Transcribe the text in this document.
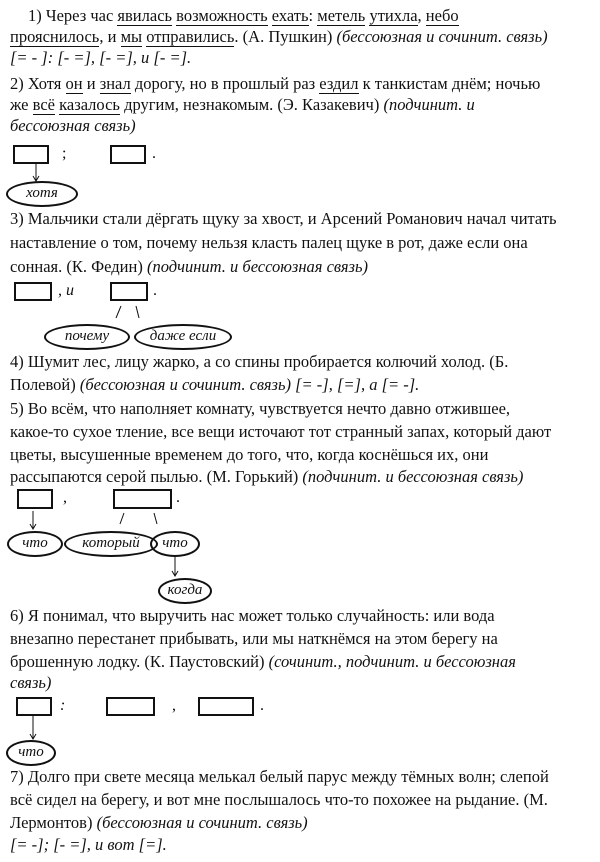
1) Через час явилась возможность ехать: метель утихла, небо
прояснилось, и мы отправились. (А. Пушкин) (бессоюзная и сочинит. связь)
[= - ]: [- =], [- =], и [- =].
2) Хотя он и знал дорогу, но в прошлый раз ездил к танкистам днём; ночью
же всё казалось другим, незнакомым. (Э. Казакевич) (подчинит. и
бессоюзная связь)
;	.
хотя
3) Мальчики стали дёргать щуку за хвост, и Арсений Романович начал читать
наставление о том, почему нельзя класть палец щуке в рот, даже если она
сонная. (К. Федин) (подчинит. и бессоюзная связь)
, и	.
почему	даже если
4) Шумит лес, лицу жарко, а со спины пробирается колючий холод. (Б.
Полевой) (бессоюзная и сочинит. связь) [= -], [=], а [= -].
5) Во всём, что наполняет комнату, чувствуется нечто давно отжившее,
какое-то сухое тление, все вещи источают тот странный запах, который дают
цветы, высушенные временем до того, что, когда коснёшься их, они
рассыпаются серой пылью. (М. Горький) (подчинит. и бессоюзная связь)
,	.
что	который	что
когда
6) Я понимал, что выручить нас может только случайность: или вода
внезапно перестанет прибывать, или мы наткнёмся на этом берегу на
брошенную лодку. (К. Паустовский) (сочинит., подчинит. и бессоюзная
связь)
:	,	.
что
7) Долго при свете месяца мелькал белый парус между тёмных волн; слепой
всё сидел на берегу, и вот мне послышалось что-то похожее на рыдание. (М.
Лермонтов) (бессоюзная и сочинит. связь)
[= -]; [- =], и вот [=].
